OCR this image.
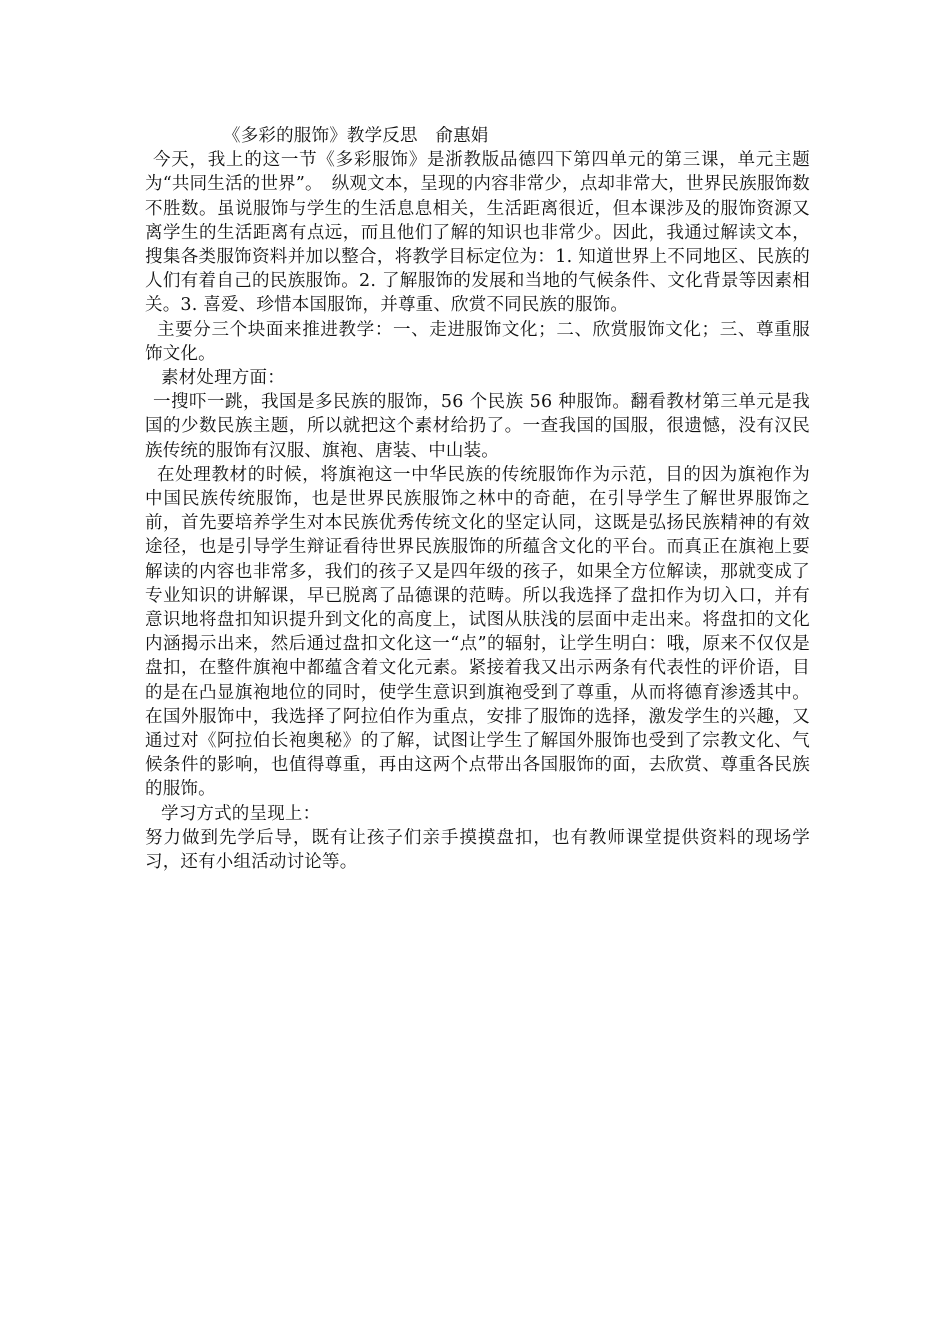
《多彩的服饰》教学反思　俞惠娟

今天，我上的这一节《多彩服饰》是浙教版品德四下第四单元的第三课，单元主题为“共同生活的世界”。　纵观文本，呈现的内容非常少，点却非常大，世界民族服饰数不胜数。虽说服饰与学生的生活息息相关，生活距离很近，但本课涉及的服饰资源又离学生的生活距离有点远，而且他们了解的知识也非常少。因此，我通过解读文本，搜集各类服饰资料并加以整合，将教学目标定位为：1. 知道世界上不同地区、民族的人们有着自己的民族服饰。2. 了解服饰的发展和当地的气候条件、文化背景等因素相关。3. 喜爱、珍惜本国服饰，并尊重、欣赏不同民族的服饰。

主要分三个块面来推进教学：一、走进服饰文化；二、欣赏服饰文化；三、尊重服饰文化。

素材处理方面：

一搜吓一跳，我国是多民族的服饰，56 个民族 56 种服饰。翻看教材第三单元是我国的少数民族主题，所以就把这个素材给扔了。一查我国的国服，很遗憾，没有汉民族传统的服饰有汉服、旗袍、唐装、中山装。

在处理教材的时候，将旗袍这一中华民族的传统服饰作为示范，目的因为旗袍作为中国民族传统服饰，也是世界民族服饰之林中的奇葩，在引导学生了解世界服饰之前，首先要培养学生对本民族优秀传统文化的坚定认同，这既是弘扬民族精神的有效途径，也是引导学生辩证看待世界民族服饰的所蕴含文化的平台。而真正在旗袍上要解读的内容也非常多，我们的孩子又是四年级的孩子，如果全方位解读，那就变成了专业知识的讲解课，早已脱离了品德课的范畴。所以我选择了盘扣作为切入口，并有意识地将盘扣知识提升到文化的高度上，试图从肤浅的层面中走出来。将盘扣的文化内涵揭示出来，然后通过盘扣文化这一“点”的辐射，让学生明白：哦，原来不仅仅是盘扣，在整件旗袍中都蕴含着文化元素。紧接着我又出示两条有代表性的评价语，目的是在凸显旗袍地位的同时，使学生意识到旗袍受到了尊重，从而将德育渗透其中。在国外服饰中，我选择了阿拉伯作为重点，安排了服饰的选择，激发学生的兴趣，又通过对《阿拉伯长袍奥秘》的了解，试图让学生了解国外服饰也受到了宗教文化、气候条件的影响，也值得尊重，再由这两个点带出各国服饰的面，去欣赏、尊重各民族的服饰。

学习方式的呈现上：

努力做到先学后导，既有让孩子们亲手摸摸盘扣，也有教师课堂提供资料的现场学习，还有小组活动讨论等。
